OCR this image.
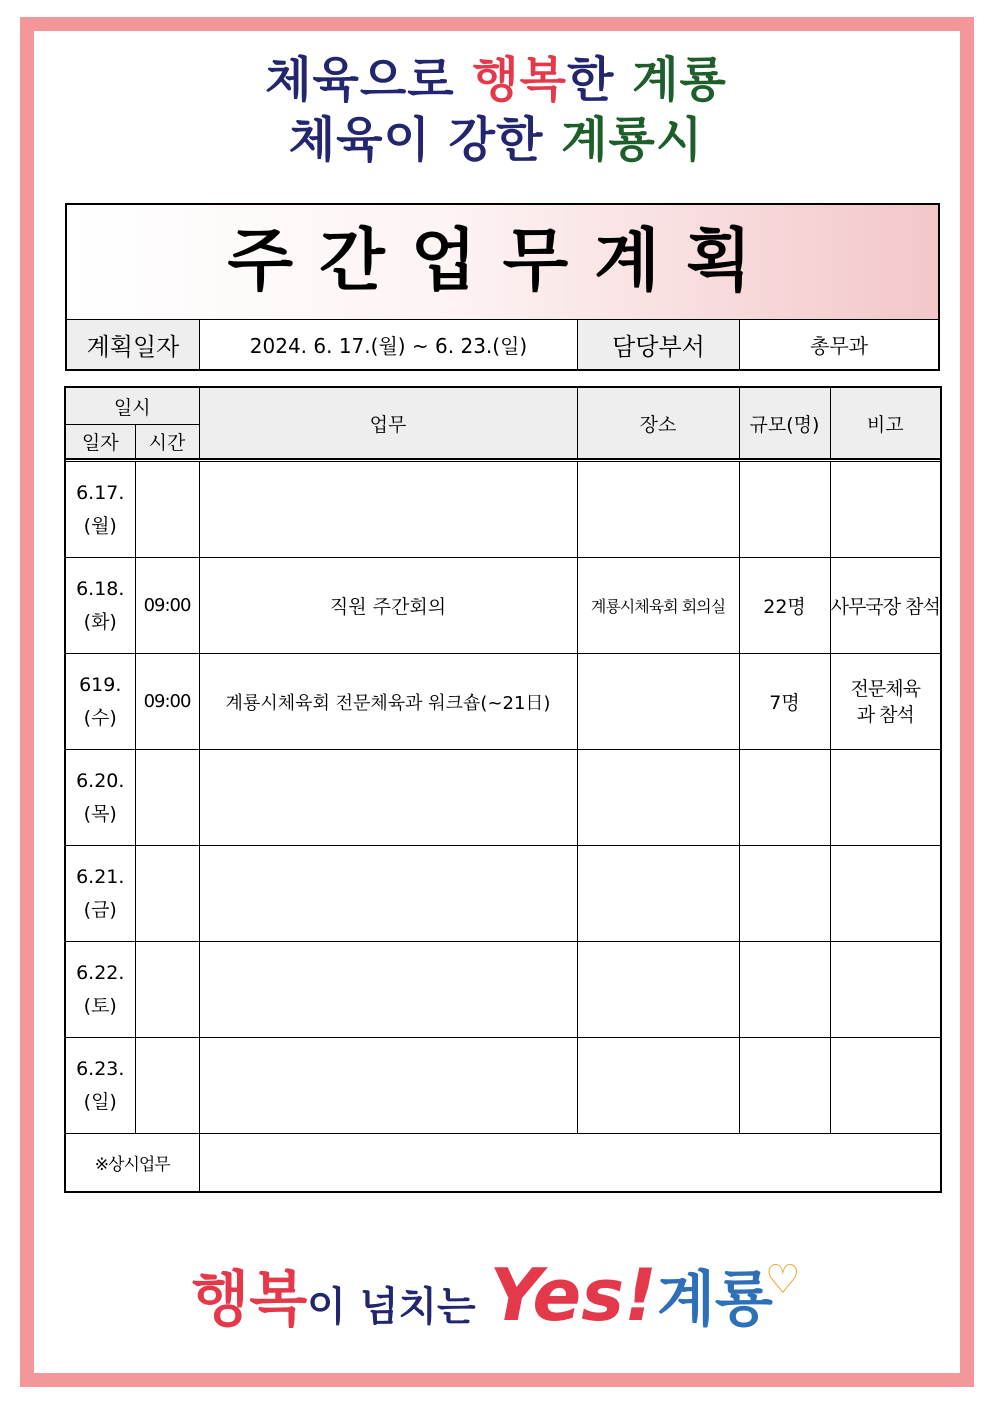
체육으로 행복한 계룡
체육이 강한 계룡시
주간업무계획
계획일자	2024. 6. 17.(월) ~ 6. 23.(일)	담당부서	총무과
일시		업무	장소	규모(명)	비고
일자	시간				

6.17.
(월)					

6.18.
(화)	09:00	직원 주간회의	계룡시체육회 회의실	22명	사무국장 참석

619.
(수)	09:00	계룡시체육회 전문체육과 워크숍(~21日)		7명	전문체육과 참석

6.20.
(목)					

6.21.
(금)					

6.22.
(토)					

6.23.
(일)					

※상시업무					
행복이 넘치는 Yes!계룡♡
